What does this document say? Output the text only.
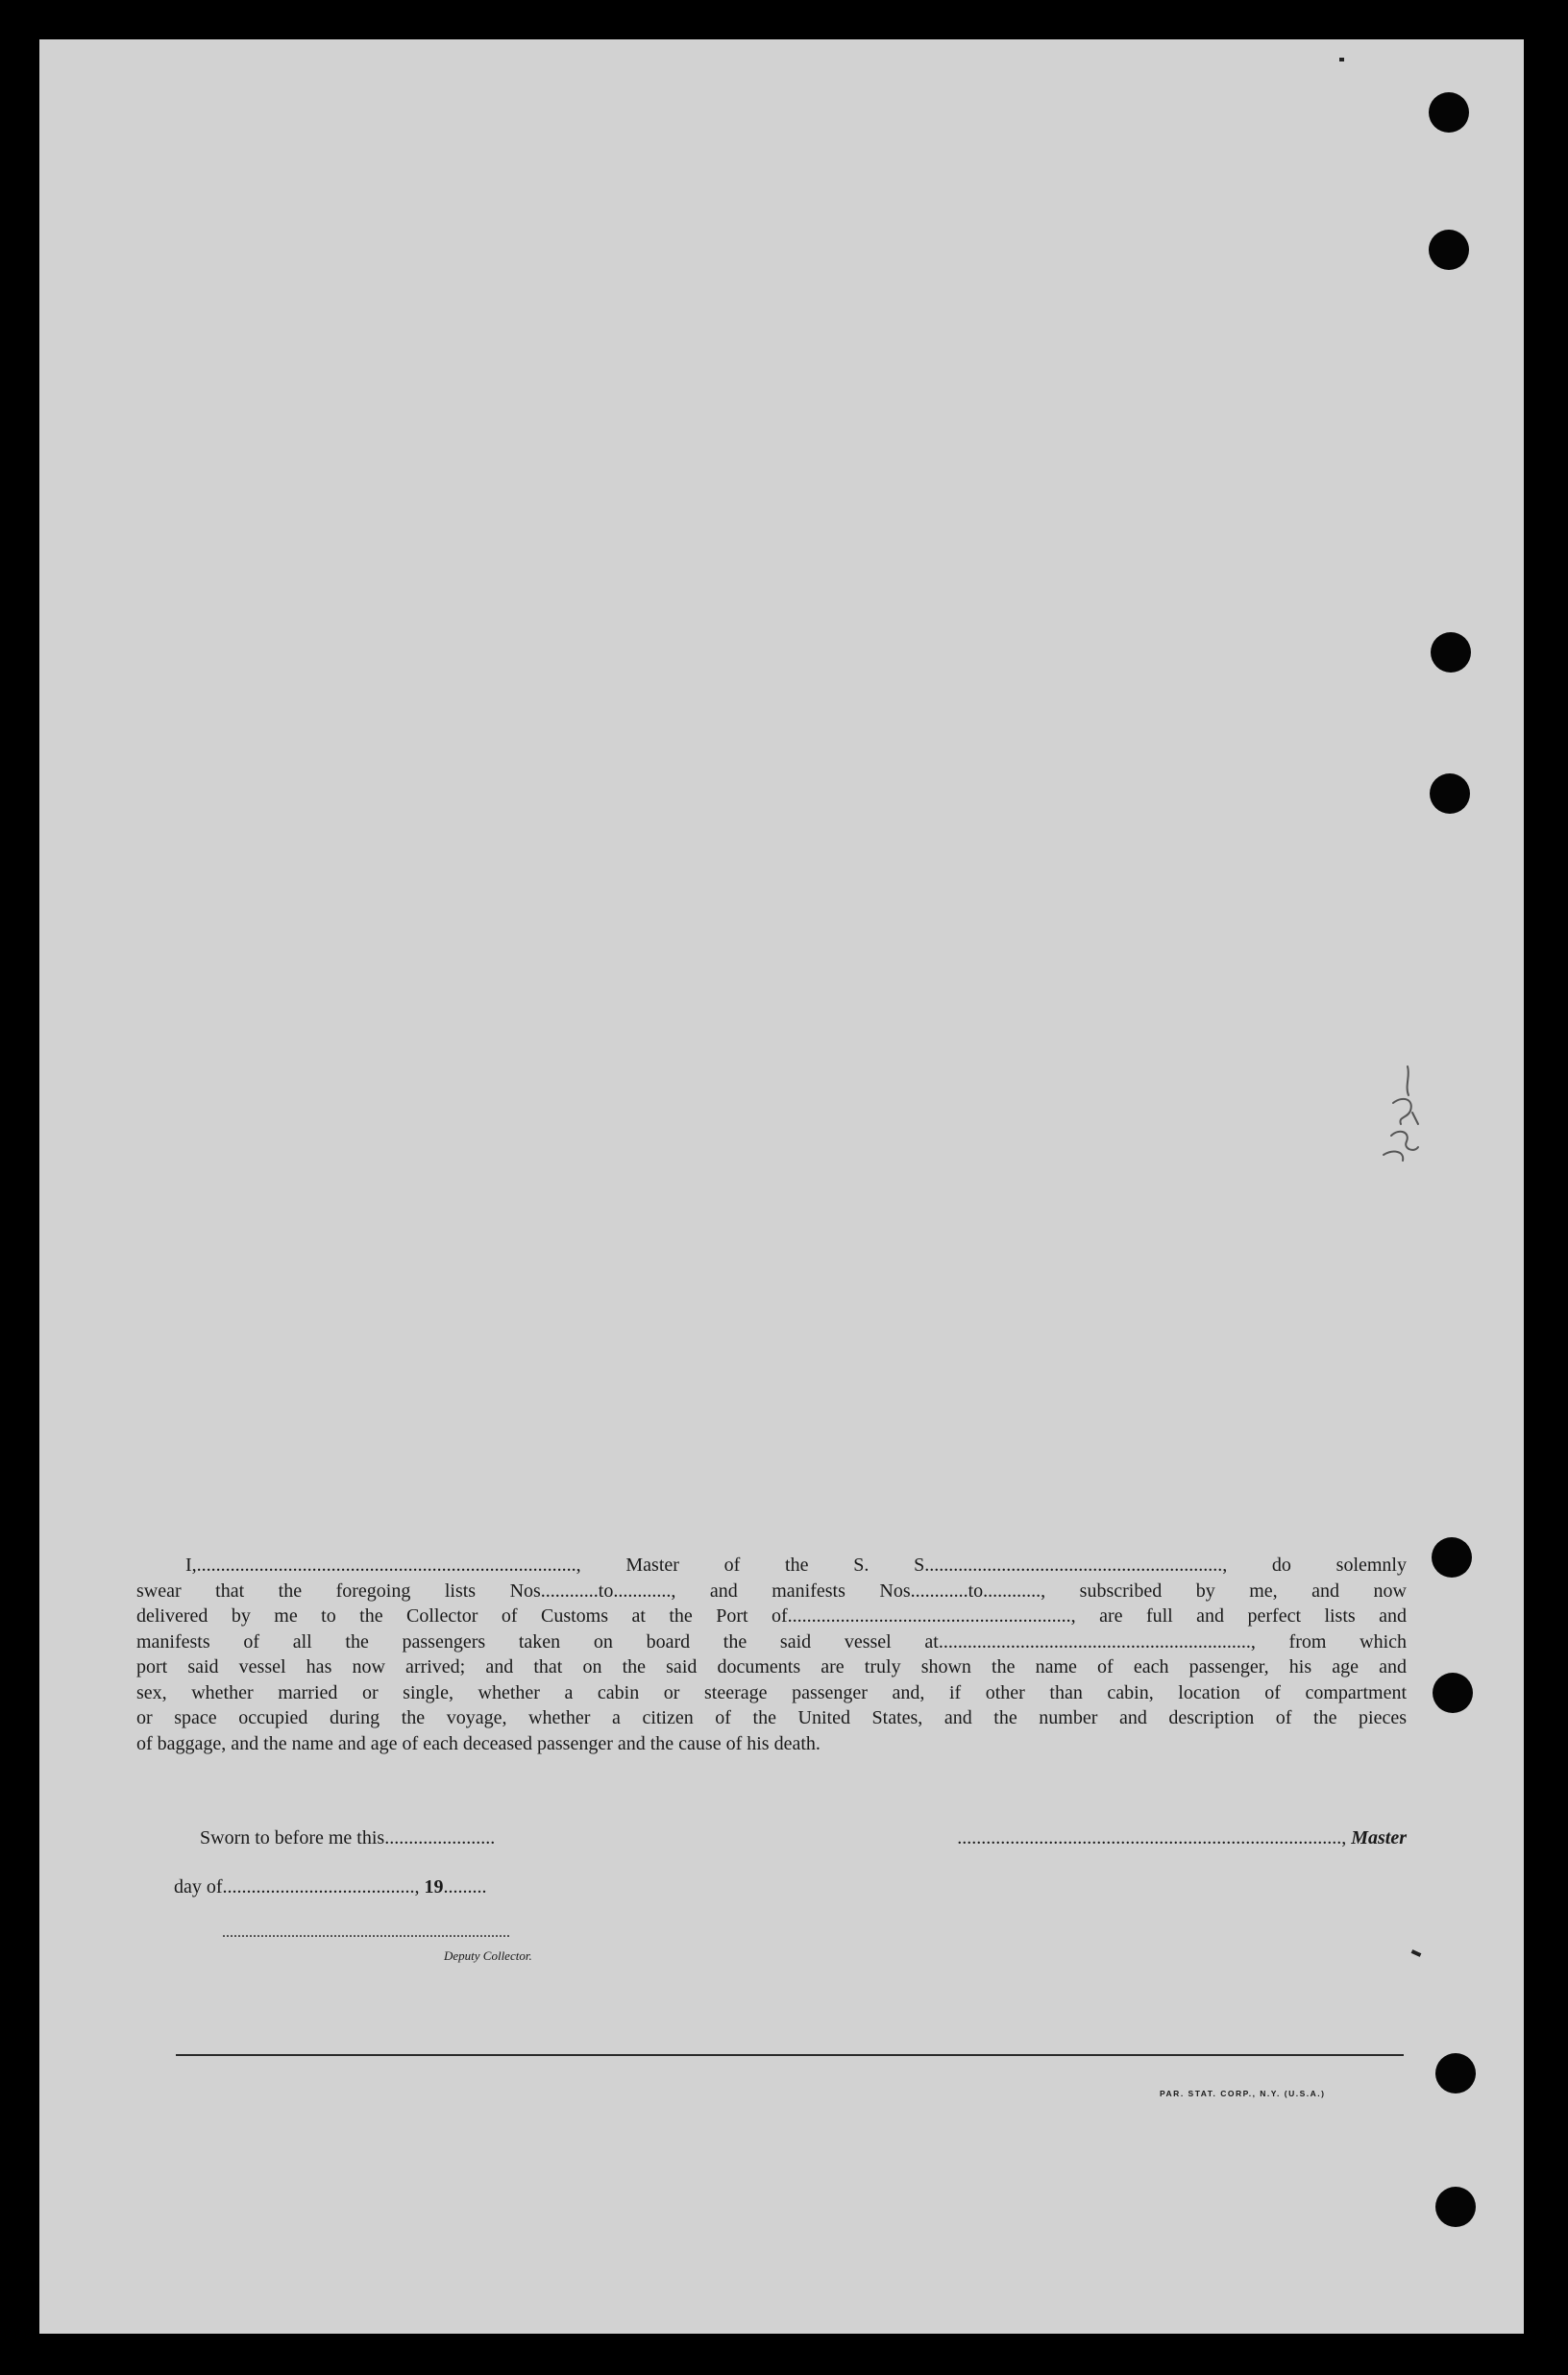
I,..............................................................................., Master of the S. S.............................................................., do solemnly
swear that the foregoing lists Nos............to............, and manifests Nos............to............, subscribed by me, and now
delivered by me to the Collector of Customs at the Port of..........................................................., are full and perfect lists and
manifests of all the passengers taken on board the said vessel at................................................................., from which
port said vessel has now arrived; and that on the said documents are truly shown the name of each passenger, his age and
sex, whether married or single, whether a cabin or steerage passenger and, if other than cabin, location of compartment
or space occupied during the voyage, whether a citizen of the United States, and the number and description of the pieces
of baggage, and the name and age of each deceased passenger and the cause of his death.
Sworn to before me this.......................	................................................................................, Master
day of........................................, 19.........
...........................................................................
Deputy Collector.
PAR. STAT. CORP., N.Y. (U.S.A.)
